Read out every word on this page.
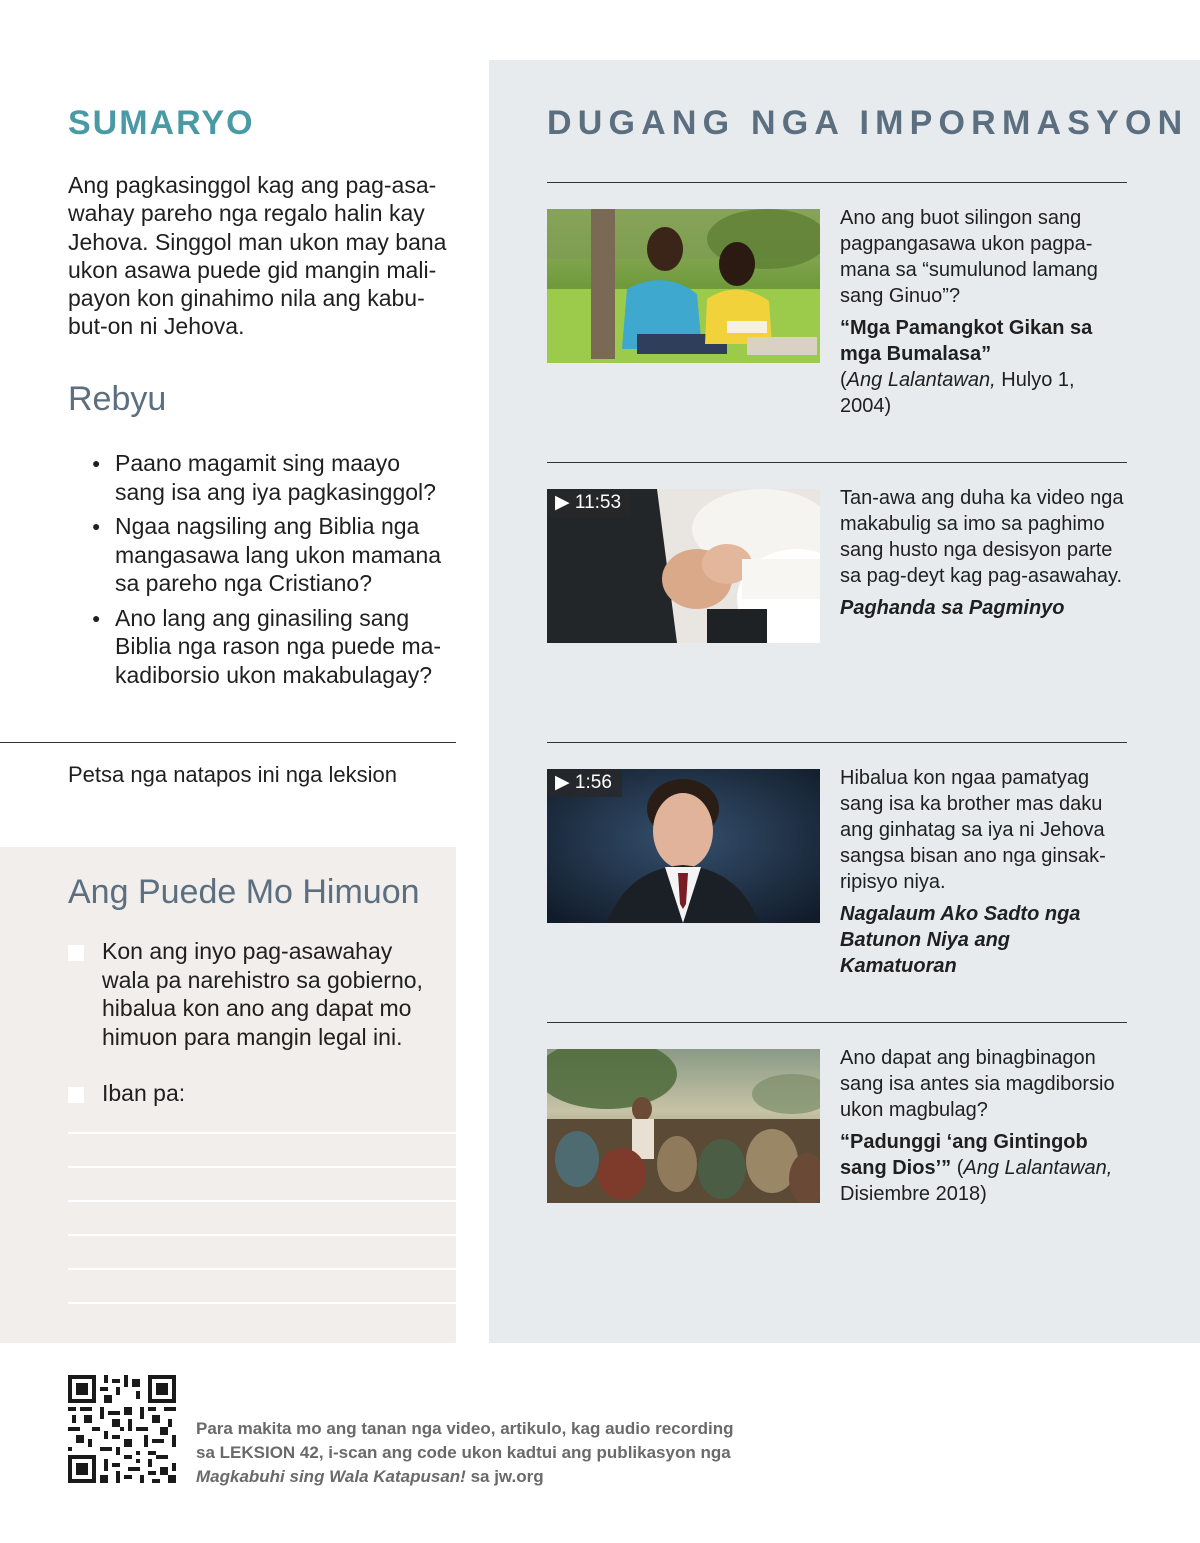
SUMARYO

Ang pagkasinggol kag ang pag-asa-wahay pareho nga regalo halin kay Jehova. Singgol man ukon may bana ukon asawa puede gid mangin mali-payon kon ginahimo nila ang kabu-but-on ni Jehova.

Rebyu
● Paano magamit sing maayo sang isa ang iya pagkasinggol?
● Ngaa nagsiling ang Biblia nga mangasawa lang ukon mamana sa pareho nga Cristiano?
● Ano lang ang ginasiling sang Biblia nga rason nga puede ma-kadiborsio ukon makabulagay?
Petsa nga natapos ini nga leksion
Ang Puede Mo Himuon
Kon ang inyo pag-asawahay wala pa narehistro sa gobierno, hibalua kon ano ang dapat mo himuon para mangin legal ini.
Iban pa:
DUGANG NGA IMPORMASYON

Ano ang buot silingon sang pagpangasawa ukon pagpa-mana sa “sumulunod lamang sang Ginuo”?

“Mga Pamangkot Gikan sa mga Bumalasa”
(Ang Lalantawan, Hulyo 1, 2004)

▶ 11:53	Tan-awa ang duha ka video nga makabulig sa imo sa paghimo sang husto nga desisyon parte sa pag-deyt kag pag-asawahay.

Paghanda sa Pagminyo

▶ 1:56	Hibalua kon ngaa pamatyag sang isa ka brother mas daku ang ginhatag sa iya ni Jehova sangsa bisan ano nga ginsak-ripisyo niya.

Nagalaum Ako Sadto nga Batunon Niya ang Kamatuoran

Ano dapat ang binagbinagon sang isa antes sia magdiborsio ukon magbulag?

“Padunggi ‘ang Gintingob sang Dios’” (Ang Lalantawan, Disiembre 2018)

Para makita mo ang tanan nga video, artikulo, kag audio recording sa LEKSION 42, i-scan ang code ukon kadtui ang publikasyon nga Magkabuhi sing Wala Katapusan! sa jw.org
